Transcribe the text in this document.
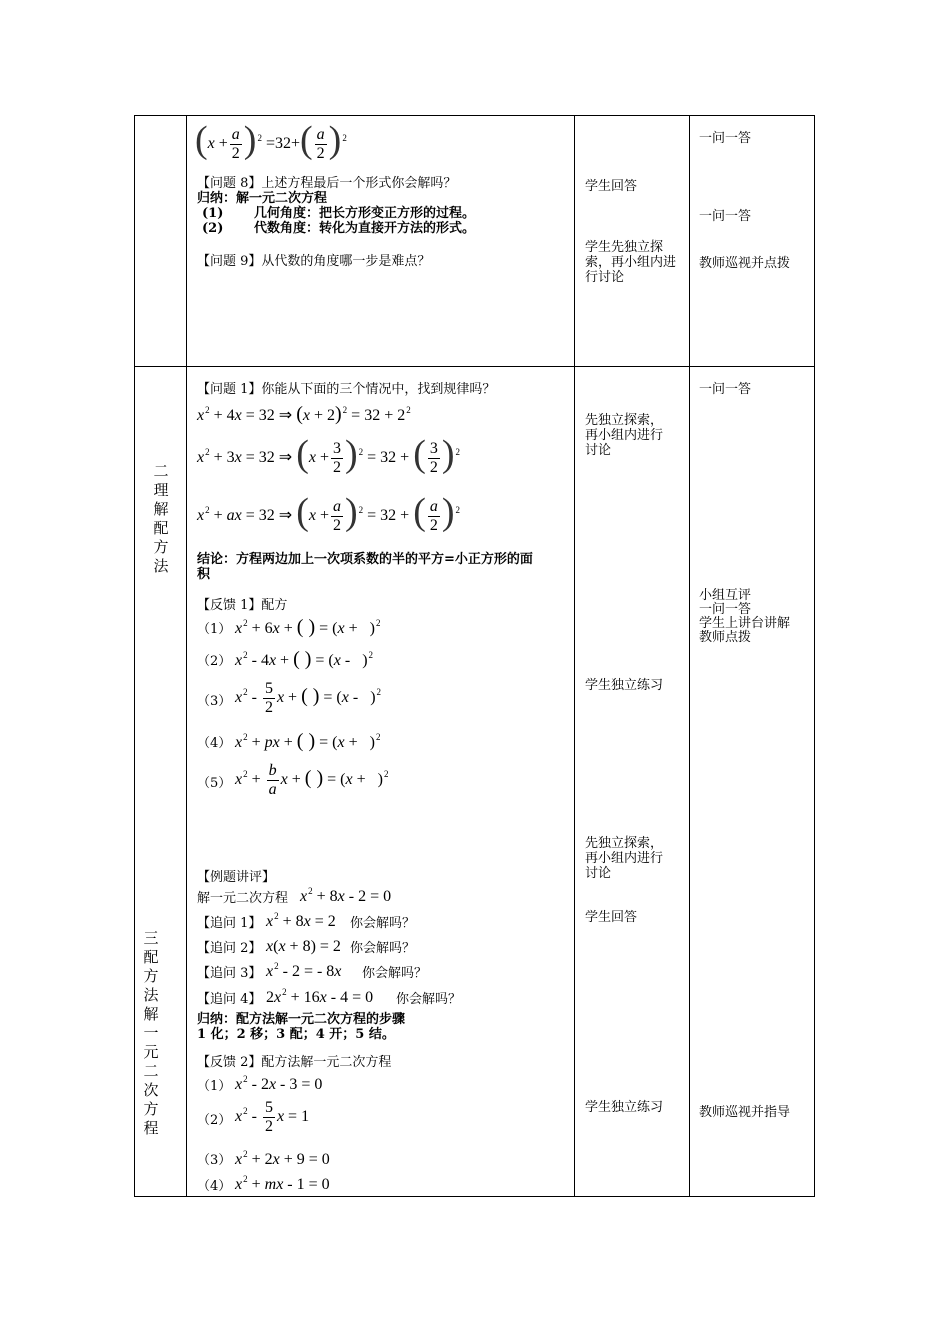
$(x + \frac{a}{2} )^2 =32+( \frac{a}{2} )^2$
【问题 8】上述方程最后一个形式你会解吗？
归纳：解一元二次方程
(1) 几何角度：把长方形变正方形的过程。
(2) 代数角度：转化为直接开方法的形式。
【问题 9】从代数的角度哪一步是难点？
学生回答
学生先独立探
索，再小组内进
行讨论
一问一答
一问一答
教师巡视并点拨
二
理
解
配
方
法
【问题 1】你能从下面的三个情况中，找到规律吗？
$x^2 + 4x = 32$ ⇒ $(x + 2)^2 = 32 + 2^2$
$x^2 + 3x = 32$ ⇒ $(x + \frac{3}{2} )^2 = 32$ + ( $\frac{3}{2} )^2$
$x^2$ + ax = 32 ⇒ $(x + \frac{a}{2} )^2 = 32$ + ( $\frac{a}{2} )^2$
结论：方程两边加上一次项系数的半的平方=小正方形的面
积
【反馈 1】配方
（1） $x^2 + 6x$ + ( ) = $(x + )^2$
（2） $x^2 - 4x$ + ( ) = (x -   )$^2$
（3） $x^2 - \frac{5}{2}$ x + ( ) = (x -   )$^2$
（4） $x^2$ + px + ( ) = $(x + )^2$
（5） $x^2 + \frac{b}{a}$ x + ( ) = $(x + )^2$
先独立探索，
再小组内进行
讨论
学生独立练习
一问一答
小组互评
一问一答
学生上讲台讲解
教师点拨
三
配
方
法
解
一
元
二
次
方
程
【例题讲评】
解一元二次方程 $x^2 + 8x - 2 = 0$
【追问 1】 $x^2 + 8x = 2$ 你会解吗？
【追问 2】 x(x + 8) = 2 你会解吗？
【追问 3】 $x^2 - 2$ = - 8x 你会解吗？
【追问 4】 $2x^2 + 16x - 4 = 0$ 你会解吗？
归纳：配方法解一元二次方程的步骤
1 化；2 移；3 配；4 开；5 结。
【反馈 2】配方法解一元二次方程
（1） $x^2 - 2x - 3 = 0$
（2） $x^2 - \frac{5}{2}$ x = 1
（3） $x^2 + 2x + 9 = 0$
（4） $x^2$ + mx - 1 = 0
先独立探索，
再小组内进行
讨论
学生回答
学生独立练习	教师巡视并指导
